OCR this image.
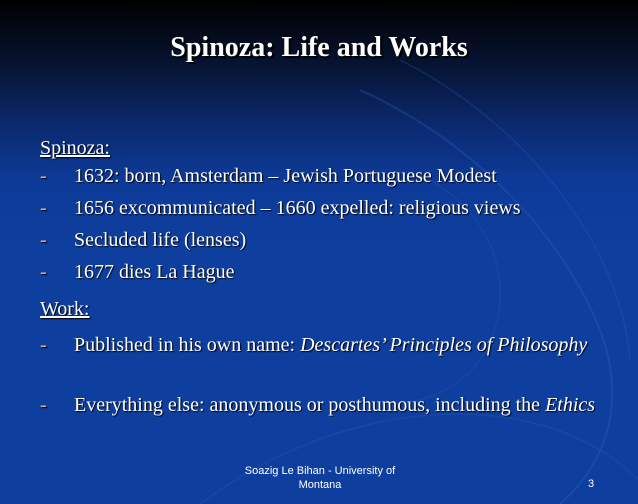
Spinoza: Life and Works
Spinoza:
-	1632: born, Amsterdam – Jewish Portuguese Modest
-	1656 excommunicated – 1660 expelled: religious views
-	Secluded life (lenses)
-	1677 dies La Hague
Work:
-	Published in his own name: Descartes’ Principles of Philosophy
-	Everything else: anonymous or posthumous, including the Ethics
Soazig Le Bihan - University of
Montana	3
